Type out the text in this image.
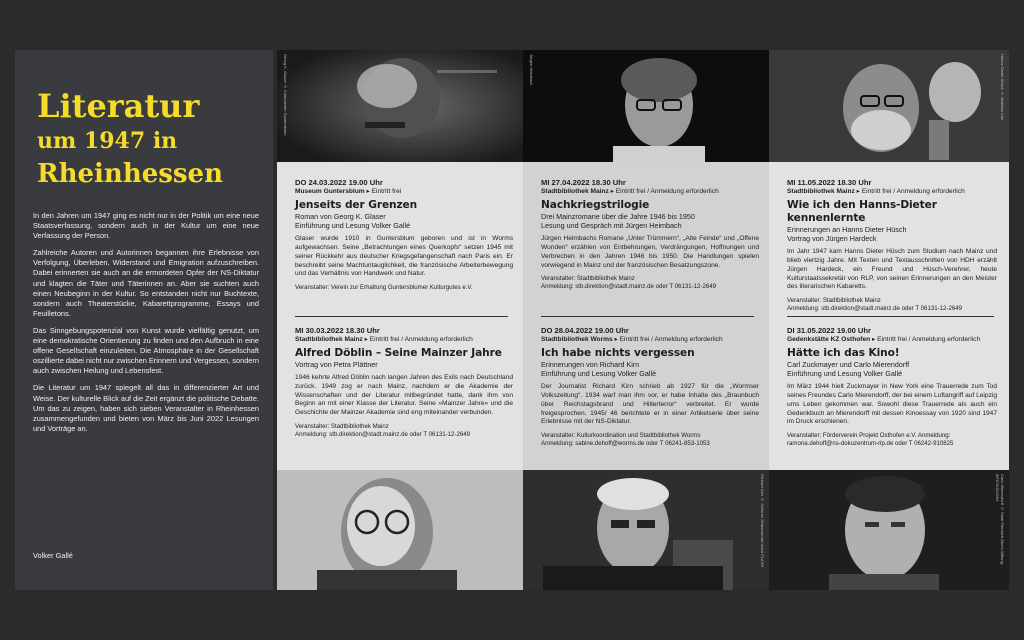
Literatur
um 1947 in
Rheinhessen

In den Jahren um 1947 ging es nicht nur in der Politik um eine neue Staatsverfassung, sondern auch in der Kultur um eine neue Verfassung der Person.

Zahlreiche Autoren und Autorinnen begannen ihre Erlebnisse von Verfolgung, Überleben, Widerstand und Emigration aufzuschreiben. Dabei erinnerten sie auch an die ermordeten Opfer der NS-Diktatur und klagten die Täter und Täterinnen an. Aber sie suchten auch einen Neubeginn in der Kultur. So entstanden nicht nur Buchtexte, sondern auch Theaterstücke, Kabarettprogramme, Essays und Feuilletons.

Das Sinngebungspotenzial von Kunst wurde vielfältig genutzt, um eine demokratische Orientierung zu finden und den Aufbruch in eine offene Gesellschaft einzuleiten. Die Atmosphäre in der Gesellschaft oszillierte dabei nicht nur zwischen Erinnern und Vergessen, sondern auch zwischen Heilung und Lebensfest.

Die Literatur um 1947 spiegelt all das in differenzierter Art und Weise. Der kulturelle Blick auf die Zeit ergänzt die politische Debatte. Um das zu zeigen, haben sich sieben Veranstalter in Rheinhessen zusammengefunden und bieten von März bis Juni 2022 Lesungen und Vorträge an.

Volker Gallé
Georg K. Glaser © Kulturverein Guntersblum
DO 24.03.2022 19.00 Uhr
Museum Guntersblum ▸ Eintritt frei
Jenseits der Grenzen
Roman von Georg K. Glaser
Einführung und Lesung Volker Gallé
Glaser wurde 1910 in Guntersblum geboren und ist in Worms aufgewachsen. Seine „Betrachtungen eines Querkopfs“ setzen 1945 mit seiner Rückkehr aus deutscher Kriegsgefangenschaft nach Paris ein. Er beschreibt seine Machtuntauglichkeit, die französische Arbeiterbewegung und das Verhältnis von Handwerk und Natur.
Veranstalter: Verein zur Erhaltung Guntersblumer Kulturgutes e.V.
MI 30.03.2022 18.30 Uhr
Stadtbibliothek Mainz ▸ Eintritt frei / Anmeldung erforderlich
Alfred Döblin – Seine Mainzer Jahre
Vortrag von Petra Plättner
1946 kehrte Alfred Döblin nach langen Jahren des Exils nach Deutschland zurück. 1949 zog er nach Mainz, nachdem er die Akademie der Wissenschaften und der Literatur mitbegründet hatte, dank ihm von Beginn an mit einer Klasse der Literatur. Seine »Mainzer Jahre« und die Geschichte der Mainzer Akademie sind eng miteinander verbunden.
Veranstalter: Stadtbibliothek Mainz
Anmeldung: stb.direktion@stadt.mainz.de oder T 06131-12-2649
Alfred Döblin © Deutsches Literaturarchiv Marbach
Jürgen Heimbach
MI 27.04.2022 18.30 Uhr
Stadtbibliothek Mainz ▸ Eintritt frei / Anmeldung erforderlich
Nachkriegstrilogie
Drei Mainzromane über die Jahre 1946 bis 1950
Lesung und Gespräch mit Jürgen Heimbach
Jürgen Heimbachs Romane „Unter Trümmern“, „Alte Feinde“ und „Offene Wunden“ erzählen von Entbehrungen, Verdrängungen, Hoffnungen und Verbrechen in den Jahren 1946 bis 1950. Die Handlungen spielen vorwiegend in Mainz und der französischen Besatzungszone.
Veranstalter: Stadtbibliothek Mainz
Anmeldung: stb.direktion@stadt.mainz.de oder T 06131-12-2649
DO 28.04.2022 19.00 Uhr
Stadtbibliothek Worms ▸ Eintritt frei / Anmeldung erforderlich
Ich habe nichts vergessen
Erinnerungen von Richard Kirn
Einführung und Lesung Volker Gallé
Der Journalist Richard Kirn schrieb ab 1927 für die „Wormser Volkszeitung“. 1934 warf man ihm vor, er habe Inhalte des „Braunbuch über Reichstagsbrand und Hitlerterror“ verbreitet. Er wurde freigesprochen. 1945/ 46 berichtete er in einer Artikelserie über seine Erlebnisse mit der NS-Diktatur.
Veranstalter: Kulturkoordination und Stadtbibliothek Worms
Anmeldung: sabine.dehoff@worms.de oder T 06241-853-1053
Richard Kirn © Schirner Zeitenwende/ Artist FLASH
Hanns Dieter Hüsch © Matthias Kitz
MI 11.05.2022 18.30 Uhr
Stadtbibliothek Mainz ▸ Eintritt frei / Anmeldung erforderlich
Wie ich den Hanns-Dieter kennenlernte
Erinnerungen an Hanns Dieter Hüsch
Vortrag von Jürgen Hardeck
Im Jahr 1947 kam Hanns Dieter Hüsch zum Studium nach Mainz und blieb viertzig Jahre. Mit Texten und Textausschnitten von HDH erzählt Jürgen Hardeck, ein Freund und Hüsch-Verehrer, heute Kulturstaatssekretär von RLP, von seinen Erinnerungen an den Meister des literarischen Kabaretts.
Veranstalter: Stadtbibliothek Mainz
Anmeldung: stb.direktion@stadt.mainz.de oder T 06131-12-2649
DI 31.05.2022 19.00 Uhr
Gedenkstätte KZ Osthofen ▸ Eintritt frei / Anmeldung erforderlich
Hätte ich das Kino!
Carl Zuckmayer und Carlo Mierendorff
Einführung und Lesung Volker Gallé
Im März 1944 hielt Zuckmayer in New York eine Trauerrede zum Tod seines Freundes Carlo Mierendorff, der bei einem Luftangriff auf Leipzig ums Leben gekommen war. Sowohl diese Trauerrede als auch ein Gedenkbuch an Mierendorff mit dessen Kinoessay von 1920 sind 1947 im Druck erschienen.
Veranstalter: Förderverein Projekt Osthofen e.V. Anmeldung:
ramona.dehoff@ns-dokuzentrum-rlp.de oder T 06242-910825
Carlo Mierendorff © Stadt Friedrich-Ebert-Stiftung, 6/FOTA001964
